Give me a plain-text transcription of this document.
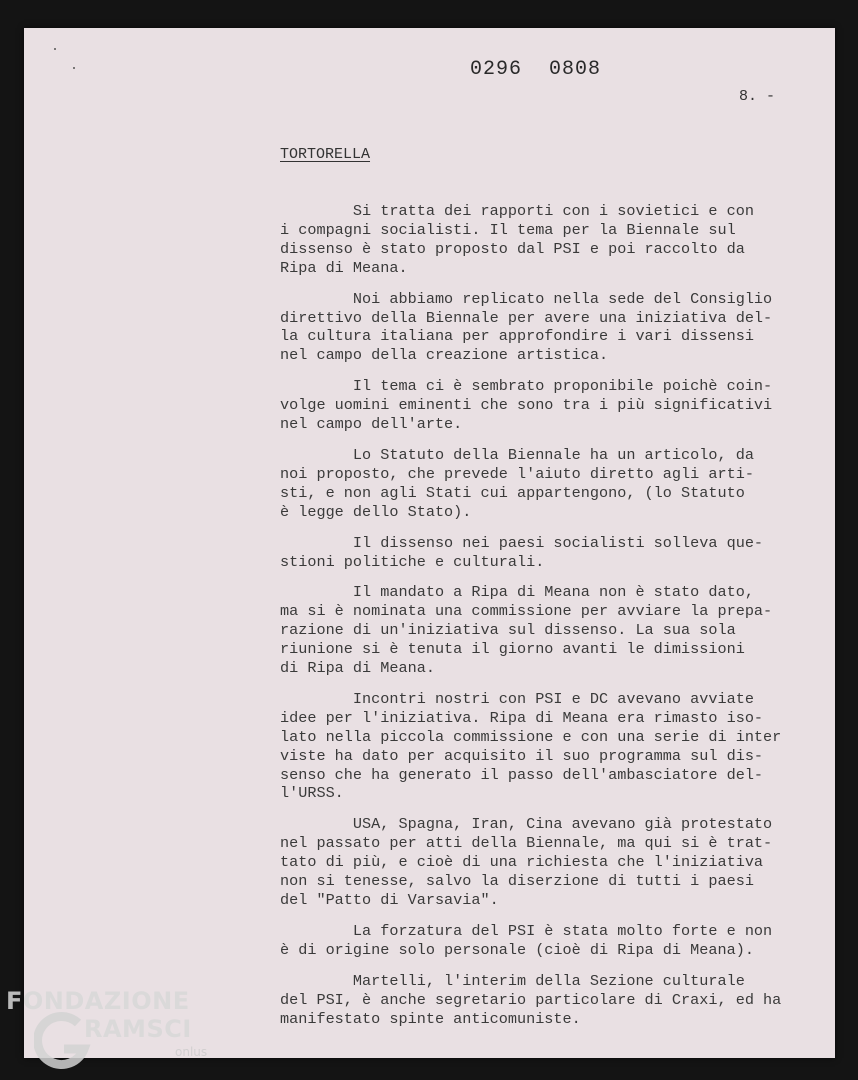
0296 0808
8. -
TORTORELLA
Si tratta dei rapporti con i sovietici e con
i compagni socialisti. Il tema per la Biennale sul
dissenso è stato proposto dal PSI e poi raccolto da
Ripa di Meana.
Noi abbiamo replicato nella sede del Consiglio
direttivo della Biennale per avere una iniziativa del-
la cultura italiana per approfondire i vari dissensi
nel campo della creazione artistica.
Il tema ci è sembrato proponibile poichè coin-
volge uomini eminenti che sono tra i più significativi
nel campo dell'arte.
Lo Statuto della Biennale ha un articolo, da
noi proposto, che prevede l'aiuto diretto agli arti-
sti, e non agli Stati cui appartengono, (lo Statuto
è legge dello Stato).
Il dissenso nei paesi socialisti solleva que-
stioni politiche e culturali.
Il mandato a Ripa di Meana non è stato dato,
ma si è nominata una commissione per avviare la prepa-
razione di un'iniziativa sul dissenso. La sua sola
riunione si è tenuta il giorno avanti le dimissioni
di Ripa di Meana.
Incontri nostri con PSI e DC avevano avviate
idee per l'iniziativa. Ripa di Meana era rimasto iso-
lato nella piccola commissione e con una serie di inter
viste ha dato per acquisito il suo programma sul dis-
senso che ha generato il passo dell'ambasciatore del-
l'URSS.
USA, Spagna, Iran, Cina avevano già protestato
nel passato per atti della Biennale, ma qui si è trat-
tato di più, e cioè di una richiesta che l'iniziativa
non si tenesse, salvo la diserzione di tutti i paesi
del "Patto di Varsavia".
La forzatura del PSI è stata molto forte e non
è di origine solo personale (cioè di Ripa di Meana).
Martelli, l'interim della Sezione culturale
del PSI, è anche segretario particolare di Craxi, ed ha
manifestato spinte anticomuniste.
FONDAZIONE
RAMSCI
onlus
